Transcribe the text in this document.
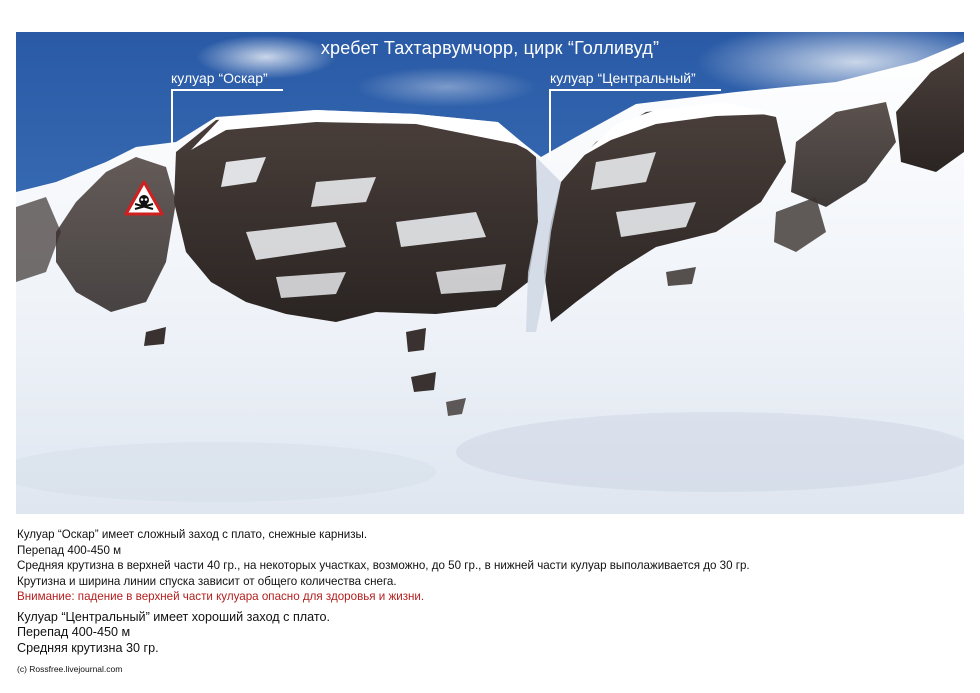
хребет Тахтарвумчорр, цирк “Голливуд”
кулуар “Оскар”	кулуар “Центральный”

Кулуар “Оскар” имеет сложный заход с плато, снежные карнизы.

Перепад 400-450 м

Средняя крутизна в верхней части 40 гр., на некоторых участках, возможно, до 50 гр., в нижней части кулуар выполаживается до 30 гр.

Крутизна и ширина линии спуска зависит от общего количества снега.

Внимание: падение в верхней части кулуара опасно для здоровья и жизни.

Кулуар “Центральный” имеет хороший заход с плато.

Перепад 400-450 м

Средняя крутизна 30 гр.

(c) Rossfree.livejournal.com
